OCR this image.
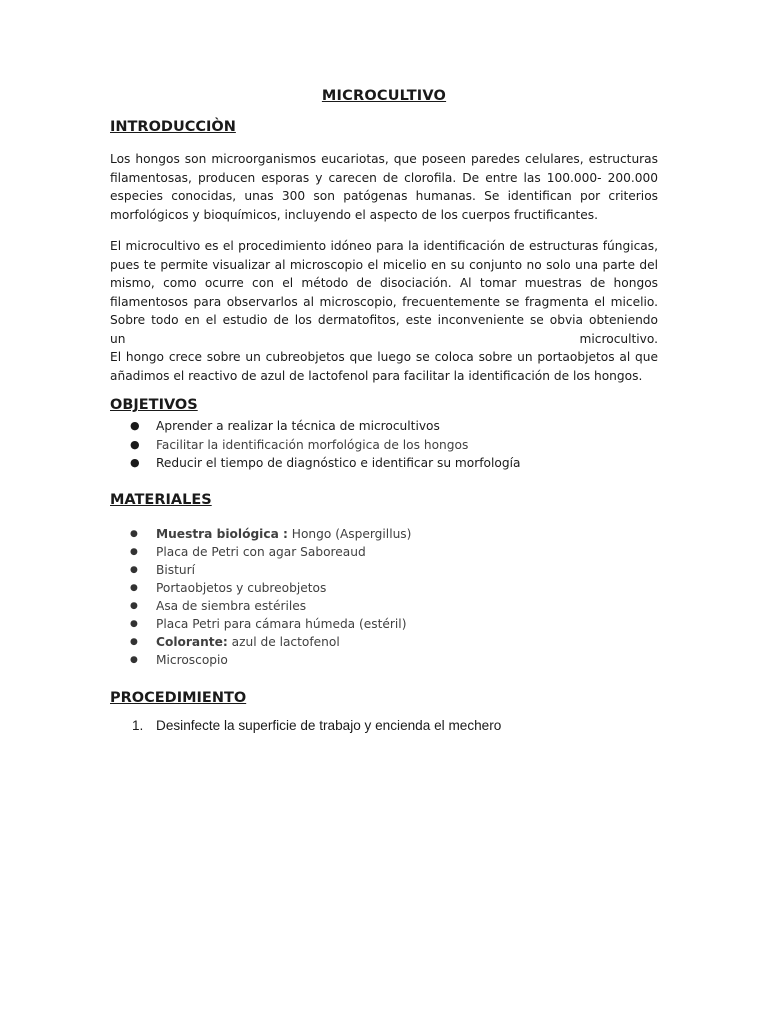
MICROCULTIVO
INTRODUCCIÒN
Los hongos son microorganismos eucariotas, que poseen paredes celulares, estructuras
filamentosas, producen esporas y carecen de clorofila. De entre las 100.000- 200.000
especies conocidas, unas 300 son patógenas humanas. Se identifican por criterios
morfológicos y bioquímicos, incluyendo el aspecto de los cuerpos fructificantes.
El microcultivo es el procedimiento idóneo para la identificación de estructuras fúngicas,
pues te permite visualizar al microscopio el micelio en su conjunto no solo una parte del
mismo, como ocurre con el método de disociación. Al tomar muestras de hongos
filamentosos para observarlos al microscopio, frecuentemente se fragmenta el micelio.
Sobre todo en el estudio de los dermatofitos, este inconveniente se obvia obteniendo
un	microcultivo.
El hongo crece sobre un cubreobjetos que luego se coloca sobre un portaobjetos al que
añadimos el reactivo de azul de lactofenol para facilitar la identificación de los hongos.
OBJETIVOS
● Aprender a realizar la técnica de microcultivos
● Facilitar la identificación morfológica de los hongos
● Reducir el tiempo de diagnóstico e identificar su morfología
MATERIALES
● Muestra biológica : Hongo (Aspergillus)
● Placa de Petri con agar Saboreaud
● Bisturí
● Portaobjetos y cubreobjetos
● Asa de siembra estériles
● Placa Petri para cámara húmeda (estéril)
● Colorante: azul de lactofenol
● Microscopio
PROCEDIMIENTO
1. Desinfecte la superficie de trabajo y encienda el mechero
